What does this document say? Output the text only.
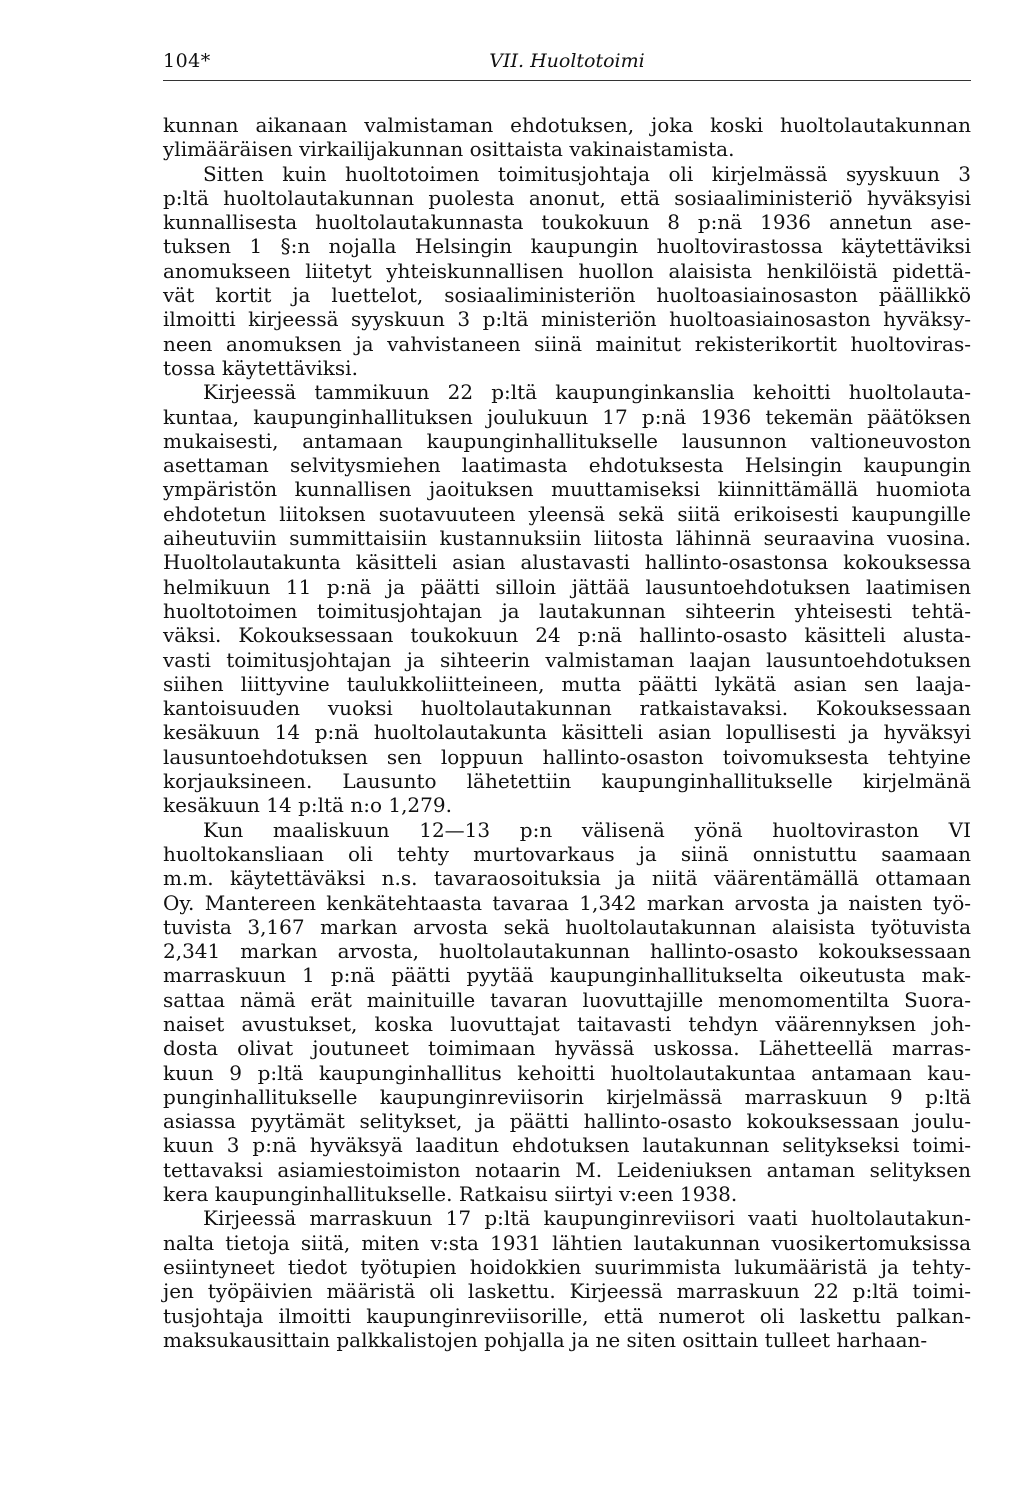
104*	VII. Huoltotoimi
kunnan aikanaan valmistaman ehdotuksen, joka koski huoltolautakunnan
ylimääräisen virkailijakunnan osittaista vakinaistamista.
Sitten kuin huoltotoimen toimitusjohtaja oli kirjelmässä syyskuun 3
p:ltä huoltolautakunnan puolesta anonut, että sosiaaliministeriö hyväksyisi
kunnallisesta huoltolautakunnasta toukokuun 8 p:nä 1936 annetun ase-
tuksen 1 §:n nojalla Helsingin kaupungin huoltovirastossa käytettäviksi
anomukseen liitetyt yhteiskunnallisen huollon alaisista henkilöistä pidettä-
vät kortit ja luettelot, sosiaaliministeriön huoltoasiainosaston päällikkö
ilmoitti kirjeessä syyskuun 3 p:ltä ministeriön huoltoasiainosaston hyväksy-
neen anomuksen ja vahvistaneen siinä mainitut rekisterikortit huoltoviras-
tossa käytettäviksi.
Kirjeessä tammikuun 22 p:ltä kaupunginkanslia kehoitti huoltolauta-
kuntaa, kaupunginhallituksen joulukuun 17 p:nä 1936 tekemän päätöksen
mukaisesti, antamaan kaupunginhallitukselle lausunnon valtioneuvoston
asettaman selvitysmiehen laatimasta ehdotuksesta Helsingin kaupungin
ympäristön kunnallisen jaoituksen muuttamiseksi kiinnittämällä huomiota
ehdotetun liitoksen suotavuuteen yleensä sekä siitä erikoisesti kaupungille
aiheutuviin summittaisiin kustannuksiin liitosta lähinnä seuraavina vuosina.
Huoltolautakunta käsitteli asian alustavasti hallinto-osastonsa kokouksessa
helmikuun 11 p:nä ja päätti silloin jättää lausuntoehdotuksen laatimisen
huoltotoimen toimitusjohtajan ja lautakunnan sihteerin yhteisesti tehtä-
väksi. Kokouksessaan toukokuun 24 p:nä hallinto-osasto käsitteli alusta-
vasti toimitusjohtajan ja sihteerin valmistaman laajan lausuntoehdotuksen
siihen liittyvine taulukkoliitteineen, mutta päätti lykätä asian sen laaja-
kantoisuuden vuoksi huoltolautakunnan ratkaistavaksi. Kokouksessaan
kesäkuun 14 p:nä huoltolautakunta käsitteli asian lopullisesti ja hyväksyi
lausuntoehdotuksen sen loppuun hallinto-osaston toivomuksesta tehtyine
korjauksineen. Lausunto lähetettiin kaupunginhallitukselle kirjelmänä
kesäkuun 14 p:ltä n:o 1,279.
Kun maaliskuun 12—13 p:n välisenä yönä huoltoviraston VI
huoltokansliaan oli tehty murtovarkaus ja siinä onnistuttu saamaan
m.m. käytettäväksi n.s. tavaraosoituksia ja niitä väärentämällä ottamaan
Oy. Mantereen kenkätehtaasta tavaraa 1,342 markan arvosta ja naisten työ-
tuvista 3,167 markan arvosta sekä huoltolautakunnan alaisista työtuvista
2,341 markan arvosta, huoltolautakunnan hallinto-osasto kokouksessaan
marraskuun 1 p:nä päätti pyytää kaupunginhallitukselta oikeutusta mak-
sattaa nämä erät mainituille tavaran luovuttajille menomomentilta Suora-
naiset avustukset, koska luovuttajat taitavasti tehdyn väärennyksen joh-
dosta olivat joutuneet toimimaan hyvässä uskossa. Lähetteellä marras-
kuun 9 p:ltä kaupunginhallitus kehoitti huoltolautakuntaa antamaan kau-
punginhallitukselle kaupunginreviisorin kirjelmässä marraskuun 9 p:ltä
asiassa pyytämät selitykset, ja päätti hallinto-osasto kokouksessaan joulu-
kuun 3 p:nä hyväksyä laaditun ehdotuksen lautakunnan selitykseksi toimi-
tettavaksi asiamiestoimiston notaarin M. Leideniuksen antaman selityksen
kera kaupunginhallitukselle. Ratkaisu siirtyi v:een 1938.
Kirjeessä marraskuun 17 p:ltä kaupunginreviisori vaati huoltolautakun-
nalta tietoja siitä, miten v:sta 1931 lähtien lautakunnan vuosikertomuksissa
esiintyneet tiedot työtupien hoidokkien suurimmista lukumääristä ja tehty-
jen työpäivien määristä oli laskettu. Kirjeessä marraskuun 22 p:ltä toimi-
tusjohtaja ilmoitti kaupunginreviisorille, että numerot oli laskettu palkan-
maksukausittain palkkalistojen pohjalla ja ne siten osittain tulleet harhaan-
